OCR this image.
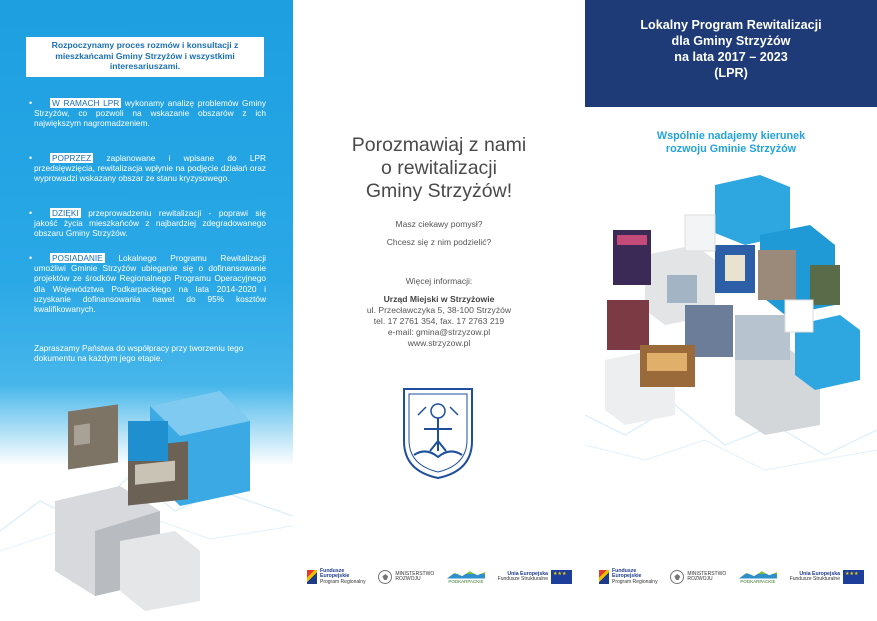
Rozpoczynamy proces rozmów i konsultacji z mieszkańcami Gminy Strzyżów i wszystkimi interesariuszami.
• W RAMACH LPR wykonamy analizę problemów Gminy Strzyżów, co pozwoli na wskazanie obszarów z ich największym nagromadzeniem.
• POPRZEZ zaplanowane i wpisane do LPR przedsięwzięcia, rewitalizacja wpłynie na podjęcie działań oraz wyprowadzi wskazany obszar ze stanu kryzysowego.
• DZIĘKI przeprowadzeniu rewitalizacji - poprawi się jakość życia mieszkańców z najbardziej zdegradowanego obszaru Gminy Strzyżów.
• POSIADANIE Lokalnego Programu Rewitalizacji umożliwi Gminie Strzyżów ubieganie się o dofinansowanie projektów ze środków Regionalnego Programu Operacyjnego dla Województwa Podkarpackiego na lata 2014-2020 i uzyskanie dofinansowania nawet do 95% kosztów kwalifikowanych.
Zapraszamy Państwa do współpracy przy tworzeniu tego dokumentu na każdym jego etapie.
Porozmawiaj z nami
o rewitalizacji
Gminy Strzyżów!
Masz ciekawy pomysł?
Chcesz się z nim podzielić?
Więcej informacji:
Urząd Miejski w Strzyżowie
ul. Przecławczyka 5, 38-100 Strzyżów
tel. 17 2761 354, fax. 17 2763 219
e-mail: gmina@strzyzow.pl
www.strzyzow.pl
Fundusze
Europejskie
Program Regionalny
MINISTERSTWO
ROZWOJU	PODKARPACKIE
Unia Europejska
Fundusze Strukturalne
★★★
Lokalny Program Rewitalizacji
dla Gminy Strzyżów
na lata 2017 – 2023
(LPR)
Wspólnie nadajemy kierunek
rozwoju Gminie Strzyżów
Fundusze
Europejskie
Program Regionalny
MINISTERSTWO
ROZWOJU	PODKARPACKIE
Unia Europejska
Fundusze Strukturalne
★★★
